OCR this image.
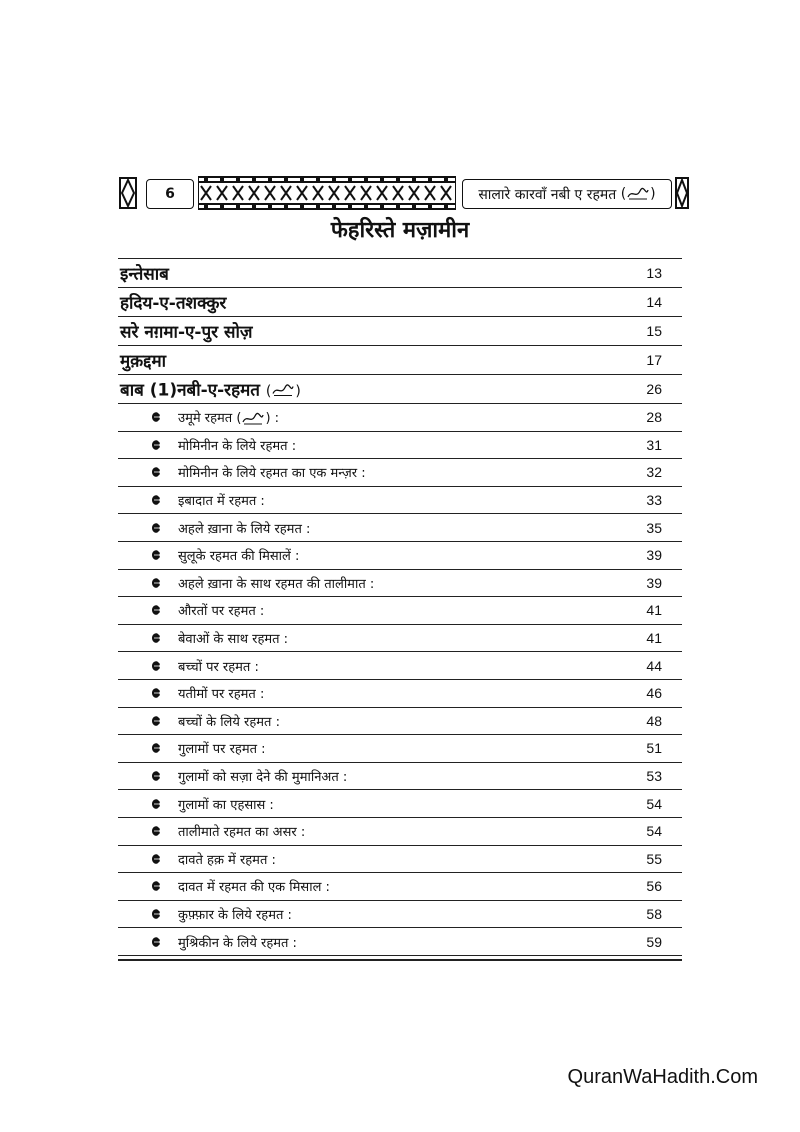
6	सालारे कारवाँ नबी ए रहमत
( )
फेहरिस्ते मज़ामीन
इन्तेसाब	13
हदिय-ए-तशक्कुर	14
सरे नग़मा-ए-पुर सोज़	15
मुक़द्दमा	17
बाब (1)नबी-ए-रहमत ( )	26
उमूमे रहमत ( ) :	28
मोमिनीन के लिये रहमत :	31
मोमिनीन के लिये रहमत का एक मन्ज़र :	32
इबादात में रहमत :	33
अहले ख़ाना के लिये रहमत :	35
सुलूके रहमत की मिसालें :	39
अहले ख़ाना के साथ रहमत की तालीमात :	39
औरतों पर रहमत :	41
बेवाओं के साथ रहमत :	41
बच्चों पर रहमत :	44
यतीमों पर रहमत :	46
बच्चों के लिये रहमत :	48
गुलामों पर रहमत :	51
गुलामों को सज़ा देने की मुमानिअत :	53
गुलामों का एहसास :	54
तालीमाते रहमत का असर :	54
दावते हक़ में रहमत :	55
दावत में रहमत की एक मिसाल :	56
कुफ़्फ़ार के लिये रहमत :	58
मुश्रिकीन के लिये रहमत :	59
QuranWaHadith.Com
